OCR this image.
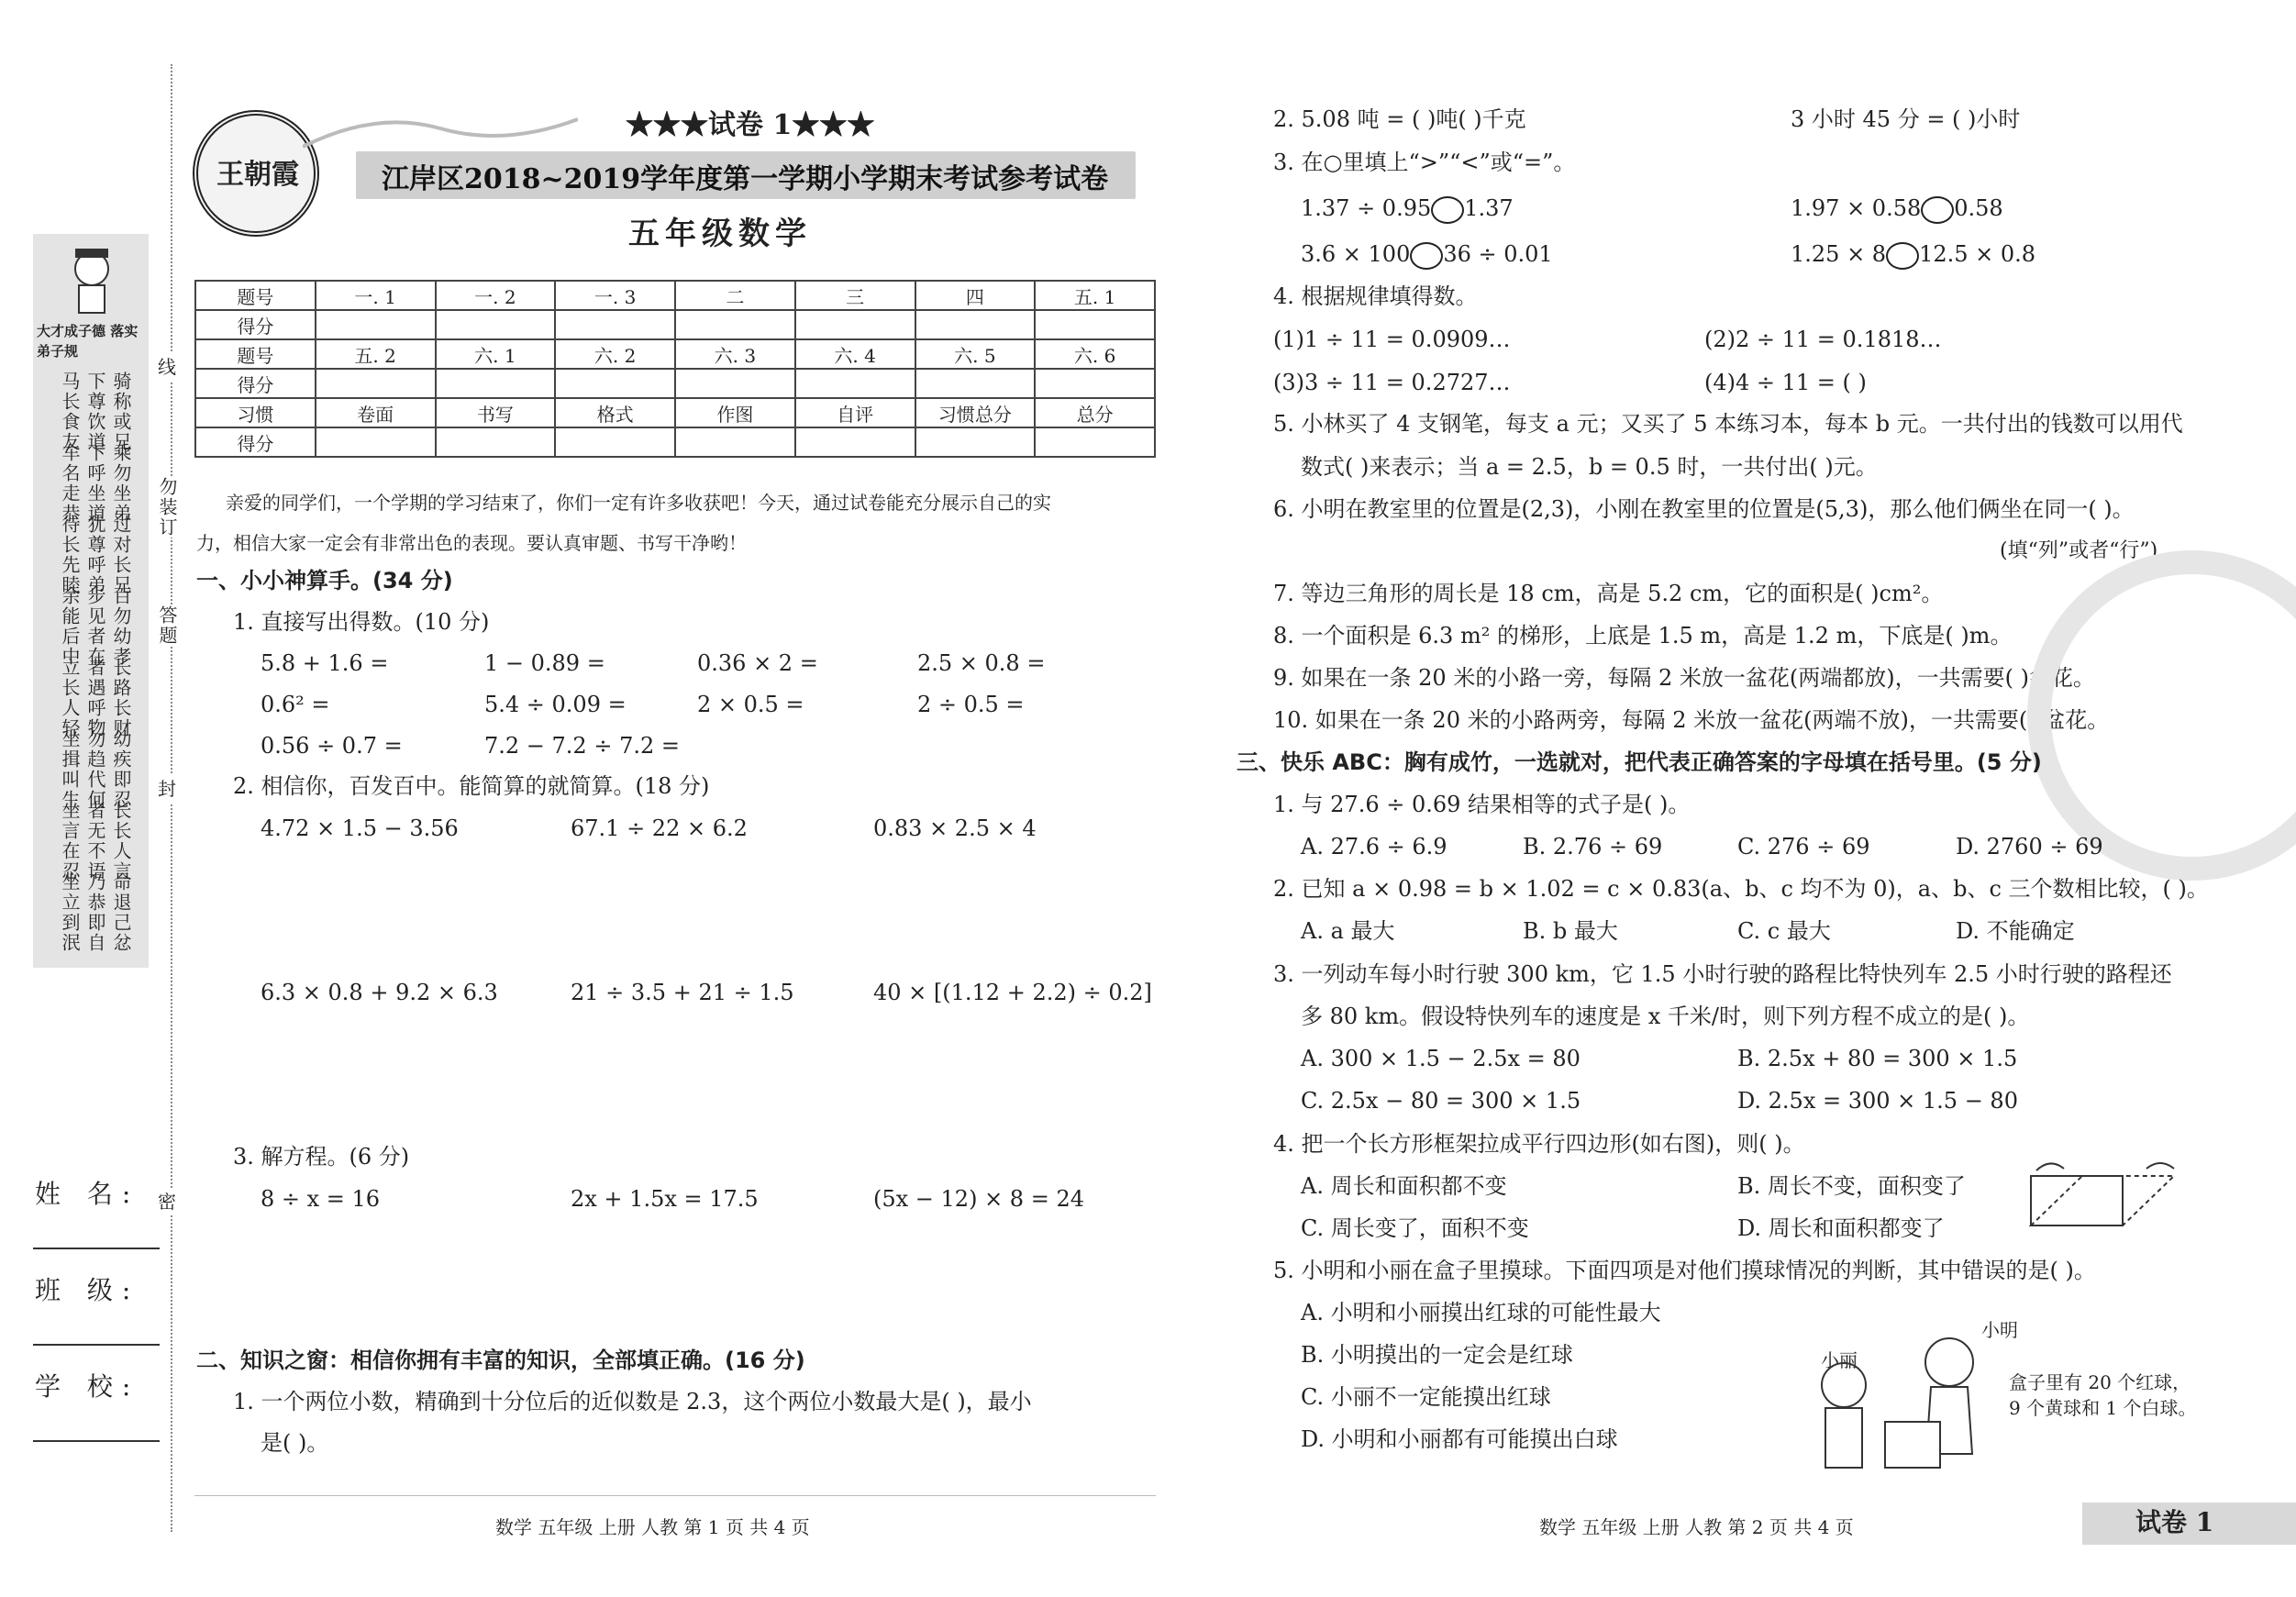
大才成子德 落实弟子规
骑称或兄
下尊饮道
马长食友
乘勿坐弟
下呼坐道
车名走恭
过对长兄
犹尊呼弟
待长先睦
百勿幼孝
步见者在
余能后中
长路长财
者遇呼物
立长人轻
幼疾即忍
勿趋代何
坐揖叫生
长长人言
者无不语
坐言在忍
命退己忿
乃恭即自
坐立到泯
线
勿装订
封
答题
密
姓 名:
班 级:
学 校:
王朝霞
★★★试卷 1★★★
江岸区2018~2019学年度第一学期小学期末考试参考试卷
五年级数学
题号	一. 1	一. 2	一. 3	二	三	四	五. 1
得分							
题号	五. 2	六. 1	六. 2	六. 3	六. 4	六. 5	六. 6
得分							
习惯	卷面	书写	格式	作图	自评	习惯总分	总分
得分							
亲爱的同学们，一个学期的学习结束了，你们一定有许多收获吧！今天，通过试卷能充分展示自己的实
力，相信大家一定会有非常出色的表现。要认真审题、书写干净哟！
一、小小神算手。(34 分)
1. 直接写出得数。(10 分)
5.8 + 1.6 =	1 − 0.89 =	0.36 × 2 =	2.5 × 0.8 =
0.6² =	5.4 ÷ 0.09 =	2 × 0.5 =	2 ÷ 0.5 =
0.56 ÷ 0.7 =	7.2 − 7.2 ÷ 7.2 =
2. 相信你，百发百中。能简算的就简算。(18 分)
4.72 × 1.5 − 3.56	67.1 ÷ 22 × 6.2	0.83 × 2.5 × 4
6.3 × 0.8 + 9.2 × 6.3	21 ÷ 3.5 + 21 ÷ 1.5	40 × [(1.12 + 2.2) ÷ 0.2]
3. 解方程。(6 分)
8 ÷ x = 16	2x + 1.5x = 17.5	(5x − 12) × 8 = 24
二、知识之窗：相信你拥有丰富的知识，全部填正确。(16 分)
1. 一个两位小数，精确到十分位后的近似数是 2.3，这个两位小数最大是( )，最小
是( )。
2. 5.08 吨 = ( )吨( )千克	3 小时 45 分 = ( )小时
3. 在○里填上“>”“<”或“=”。
1.37 ÷ 0.95 1.37	1.97 × 0.58 0.58
3.6 × 100 36 ÷ 0.01	1.25 × 8 12.5 × 0.8
4. 根据规律填得数。
(1)1 ÷ 11 = 0.0909…	(2)2 ÷ 11 = 0.1818…
(3)3 ÷ 11 = 0.2727…	(4)4 ÷ 11 = ( )
5. 小林买了 4 支钢笔，每支 a 元；又买了 5 本练习本，每本 b 元。一共付出的钱数可以用代
数式( )来表示；当 a = 2.5，b = 0.5 时，一共付出( )元。
6. 小明在教室里的位置是(2,3)，小刚在教室里的位置是(5,3)，那么他们俩坐在同一( )。
(填“列”或者“行”)
7. 等边三角形的周长是 18 cm，高是 5.2 cm，它的面积是( )cm²。
8. 一个面积是 6.3 m² 的梯形，上底是 1.5 m，高是 1.2 m，下底是( )m。
9. 如果在一条 20 米的小路一旁，每隔 2 米放一盆花(两端都放)，一共需要( )盆花。
10. 如果在一条 20 米的小路两旁，每隔 2 米放一盆花(两端不放)，一共需要( )盆花。
三、快乐 ABC：胸有成竹，一选就对，把代表正确答案的字母填在括号里。(5 分)
1. 与 27.6 ÷ 0.69 结果相等的式子是( )。
A. 27.6 ÷ 6.9	B. 2.76 ÷ 69	C. 276 ÷ 69	D. 2760 ÷ 69
2. 已知 a × 0.98 = b × 1.02 = c × 0.83(a、b、c 均不为 0)，a、b、c 三个数相比较，( )。
A. a 最大	B. b 最大	C. c 最大	D. 不能确定
3. 一列动车每小时行驶 300 km，它 1.5 小时行驶的路程比特快列车 2.5 小时行驶的路程还
多 80 km。假设特快列车的速度是 x 千米/时，则下列方程不成立的是( )。
A. 300 × 1.5 − 2.5x = 80	B. 2.5x + 80 = 300 × 1.5
C. 2.5x − 80 = 300 × 1.5	D. 2.5x = 300 × 1.5 − 80
4. 把一个长方形框架拉成平行四边形(如右图)，则( )。
A. 周长和面积都不变	B. 周长不变，面积变了
C. 周长变了，面积不变	D. 周长和面积都变了
5. 小明和小丽在盒子里摸球。下面四项是对他们摸球情况的判断，其中错误的是( )。
A. 小明和小丽摸出红球的可能性最大
B. 小明摸出的一定会是红球
C. 小丽不一定能摸出红球
D. 小明和小丽都有可能摸出白球
小明
小丽
盒子里有 20 个红球，
9 个黄球和 1 个白球。
数学 五年级 上册 人教 第 1 页 共 4 页	数学 五年级 上册 人教 第 2 页 共 4 页	试卷 1
